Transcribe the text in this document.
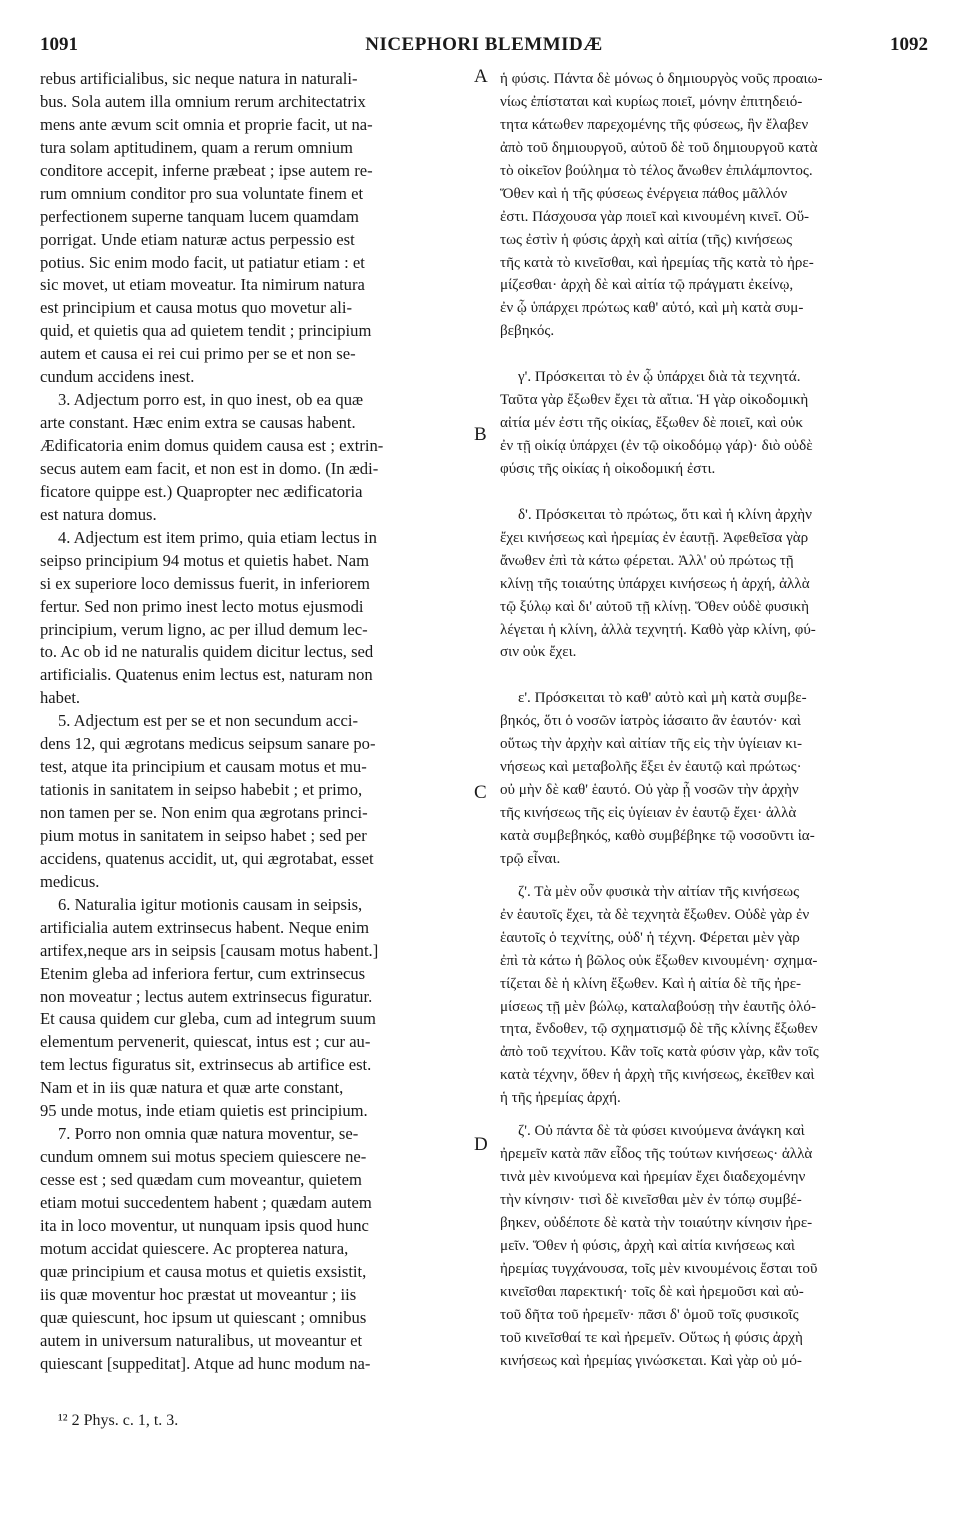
1091	NICEPHORI BLEMMIDÆ	1092
A
B
C
D
rebus artificialibus, sic neque natura in naturali-
bus. Sola autem illa omnium rerum architectatrix
mens ante ævum scit omnia et proprie facit, ut na-
tura solam aptitudinem, quam a rerum omnium
conditore accepit, inferne præbeat ; ipse autem re-
rum omnium conditor pro sua voluntate finem et
perfectionem superne tanquam lucem quamdam
porrigat. Unde etiam naturæ actus perpessio est
potius. Sic enim modo facit, ut patiatur etiam : et
sic movet, ut etiam moveatur. Ita nimirum natura
est principium et causa motus quo movetur ali-
quid, et quietis qua ad quietem tendit ; principium
autem et causa ei rei cui primo per se et non se-
cundum accidens inest.
3. Adjectum porro est, in quo inest, ob ea quæ
arte constant. Hæc enim extra se causas habent.
Ædificatoria enim domus quidem causa est ; extrin-
secus autem eam facit, et non est in domo. (In ædi-
ficatore quippe est.) Quapropter nec ædificatoria
est natura domus.
4. Adjectum est item primo, quia etiam lectus in
seipso principium 94 motus et quietis habet. Nam
si ex superiore loco demissus fuerit, in inferiorem
fertur. Sed non primo inest lecto motus ejusmodi
principium, verum ligno, ac per illud demum lec-
to. Ac ob id ne naturalis quidem dicitur lectus, sed
artificialis. Quatenus enim lectus est, naturam non
habet.
5. Adjectum est per se et non secundum acci-
dens 12, qui ægrotans medicus seipsum sanare po-
test, atque ita principium et causam motus et mu-
tationis in sanitatem in seipso habebit ; et primo,
non tamen per se. Non enim qua ægrotans princi-
pium motus in sanitatem in seipso habet ; sed per
accidens, quatenus accidit, ut, qui ægrotabat, esset
medicus.
6. Naturalia igitur motionis causam in seipsis,
artificialia autem extrinsecus habent. Neque enim
artifex,neque ars in seipsis [causam motus habent.]
Etenim gleba ad inferiora fertur, cum extrinsecus
non moveatur ; lectus autem extrinsecus figuratur.
Et causa quidem cur gleba, cum ad integrum suum
elementum pervenerit, quiescat, intus est ; cur au-
tem lectus figuratus sit, extrinsecus ab artifice est.
Nam et in iis quæ natura et quæ arte constant,
95 unde motus, inde etiam quietis est principium.
7. Porro non omnia quæ natura moventur, se-
cundum omnem sui motus speciem quiescere ne-
cesse est ; sed quædam cum moveantur, quietem
etiam motui succedentem habent ; quædam autem
ita in loco moventur, ut nunquam ipsis quod hunc
motum accidat quiescere. Ac propterea natura,
quæ principium et causa motus et quietis exsistit,
iis quæ moventur hoc præstat ut moveantur ; iis
quæ quiescunt, hoc ipsum ut quiescant ; omnibus
autem in universum naturalibus, ut moveantur et
quiescant [suppeditat]. Atque ad hunc modum na-
ἡ φύσις. Πάντα δὲ μόνως ὁ δημιουργὸς νοῦς προαιω-
νίως ἐπίσταται καὶ κυρίως ποιεῖ, μόνην ἐπιτηδειό-
τητα κάτωθεν παρεχομένης τῆς φύσεως, ἣν ἔλαβεν
ἀπὸ τοῦ δημιουργοῦ, αὐτοῦ δὲ τοῦ δημιουργοῦ κατὰ
τὸ οἰκεῖον βούλημα τὸ τέλος ἄνωθεν ἐπιλάμποντος.
Ὅθεν καὶ ἡ τῆς φύσεως ἐνέργεια πάθος μᾶλλόν
ἐστι. Πάσχουσα γὰρ ποιεῖ καὶ κινουμένη κινεῖ. Οὕ-
τως ἐστὶν ἡ φύσις ἀρχὴ καὶ αἰτία (τῆς) κινήσεως
τῆς κατὰ τὸ κινεῖσθαι, καὶ ἠρεμίας τῆς κατὰ τὸ ἠρε-
μίζεσθαι· ἀρχὴ δὲ καὶ αἰτία τῷ πράγματι ἐκείνῳ,
ἐν ᾧ ὑπάρχει πρώτως καθ' αὑτό, καὶ μὴ κατὰ συμ-
βεβηκός.
γ'. Πρόσκειται τὸ ἐν ᾧ ὑπάρχει διὰ τὰ τεχνητά.
Ταῦτα γὰρ ἔξωθεν ἔχει τὰ αἴτια. Ἡ γὰρ οἰκοδομικὴ
αἰτία μέν ἐστι τῆς οἰκίας, ἔξωθεν δὲ ποιεῖ, καὶ οὐκ
ἐν τῇ οἰκίᾳ ὑπάρχει (ἐν τῷ οἰκοδόμῳ γάρ)· διὸ οὐδὲ
φύσις τῆς οἰκίας ἡ οἰκοδομική ἐστι.
δ'. Πρόσκειται τὸ πρώτως, ὅτι καὶ ἡ κλίνη ἀρχὴν
ἔχει κινήσεως καὶ ἠρεμίας ἐν ἑαυτῇ. Ἀφεθεῖσα γὰρ
ἄνωθεν ἐπὶ τὰ κάτω φέρεται. Ἀλλ' οὐ πρώτως τῇ
κλίνῃ τῆς τοιαύτης ὑπάρχει κινήσεως ἡ ἀρχή, ἀλλὰ
τῷ ξύλῳ καὶ δι' αὐτοῦ τῇ κλίνῃ. Ὅθεν οὐδὲ φυσικὴ
λέγεται ἡ κλίνη, ἀλλὰ τεχνητή. Καθὸ γὰρ κλίνη, φύ-
σιν οὐκ ἔχει.
ε'. Πρόσκειται τὸ καθ' αὑτὸ καὶ μὴ κατὰ συμβε-
βηκός, ὅτι ὁ νοσῶν ἰατρὸς ἰάσαιτο ἂν ἑαυτόν· καὶ
οὕτως τὴν ἀρχὴν καὶ αἰτίαν τῆς εἰς τὴν ὑγίειαν κι-
νήσεως καὶ μεταβολῆς ἕξει ἐν ἑαυτῷ καὶ πρώτως·
οὐ μὴν δὲ καθ' ἑαυτό. Οὐ γὰρ ᾗ νοσῶν τὴν ἀρχὴν
τῆς κινήσεως τῆς εἰς ὑγίειαν ἐν ἑαυτῷ ἔχει· ἀλλὰ
κατὰ συμβεβηκός, καθὸ συμβέβηκε τῷ νοσοῦντι ἰα-
τρῷ εἶναι.
ζ'. Τὰ μὲν οὖν φυσικὰ τὴν αἰτίαν τῆς κινήσεως
ἐν ἑαυτοῖς ἔχει, τὰ δὲ τεχνητὰ ἔξωθεν. Οὐδὲ γὰρ ἐν
ἑαυτοῖς ὁ τεχνίτης, οὐδ' ἡ τέχνη. Φέρεται μὲν γὰρ
ἐπὶ τὰ κάτω ἡ βῶλος οὐκ ἔξωθεν κινουμένη· σχημα-
τίζεται δὲ ἡ κλίνη ἔξωθεν. Καὶ ἡ αἰτία δὲ τῆς ἠρε-
μίσεως τῇ μὲν βώλῳ, καταλαβούσῃ τὴν ἑαυτῆς ὁλό-
τητα, ἔνδοθεν, τῷ σχηματισμῷ δὲ τῆς κλίνης ἔξωθεν
ἀπὸ τοῦ τεχνίτου. Κἂν τοῖς κατὰ φύσιν γὰρ, κἂν τοῖς
κατὰ τέχνην, ὅθεν ἡ ἀρχὴ τῆς κινήσεως, ἐκεῖθεν καὶ
ἡ τῆς ἠρεμίας ἀρχή.
ζ'. Οὐ πάντα δὲ τὰ φύσει κινούμενα ἀνάγκη καὶ
ἠρεμεῖν κατὰ πᾶν εἶδος τῆς τούτων κινήσεως· ἀλλὰ
τινὰ μὲν κινούμενα καὶ ἠρεμίαν ἔχει διαδεχομένην
τὴν κίνησιν· τισὶ δὲ κινεῖσθαι μὲν ἐν τόπῳ συμβέ-
βηκεν, οὐδέποτε δὲ κατὰ τὴν τοιαύτην κίνησιν ἠρε-
μεῖν. Ὅθεν ἡ φύσις, ἀρχὴ καὶ αἰτία κινήσεως καὶ
ἠρεμίας τυγχάνουσα, τοῖς μὲν κινουμένοις ἔσται τοῦ
κινεῖσθαι παρεκτική· τοῖς δὲ καὶ ἠρεμοῦσι καὶ αὐ-
τοῦ δῆτα τοῦ ἠρεμεῖν· πᾶσι δ' ὁμοῦ τοῖς φυσικοῖς
τοῦ κινεῖσθαί τε καὶ ἠρεμεῖν. Οὕτως ἡ φύσις ἀρχὴ
κινήσεως καὶ ἠρεμίας γινώσκεται. Καὶ γὰρ οὐ μό-
¹² 2 Phys. c. 1, t. 3.
